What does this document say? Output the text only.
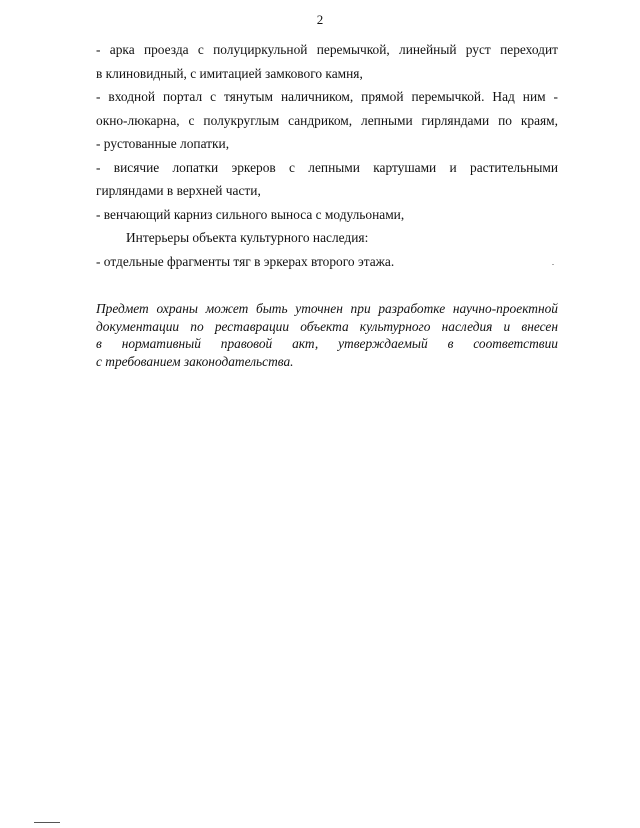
2

- арка проезда с полуциркульной перемычкой, линейный руст переходит

в клиновидный, с имитацией замкового камня,

- входной портал с тянутым наличником, прямой перемычкой. Над ним -

окно-люкарна, с полукруглым сандриком, лепными гирляндами по краям,

- рустованные лопатки,

- висячие лопатки эркеров с лепными картушами и растительными

гирляндами в верхней части,

- венчающий карниз сильного выноса с модульонами,

Интерьеры объекта культурного наследия:

- отдельные фрагменты тяг в эркерах второго этажа.

Предмет охраны может быть уточнен при разработке научно-проектной

документации по реставрации объекта культурного наследия и внесен

в нормативный правовой акт, утверждаемый в соответствии

с требованием законодательства.
